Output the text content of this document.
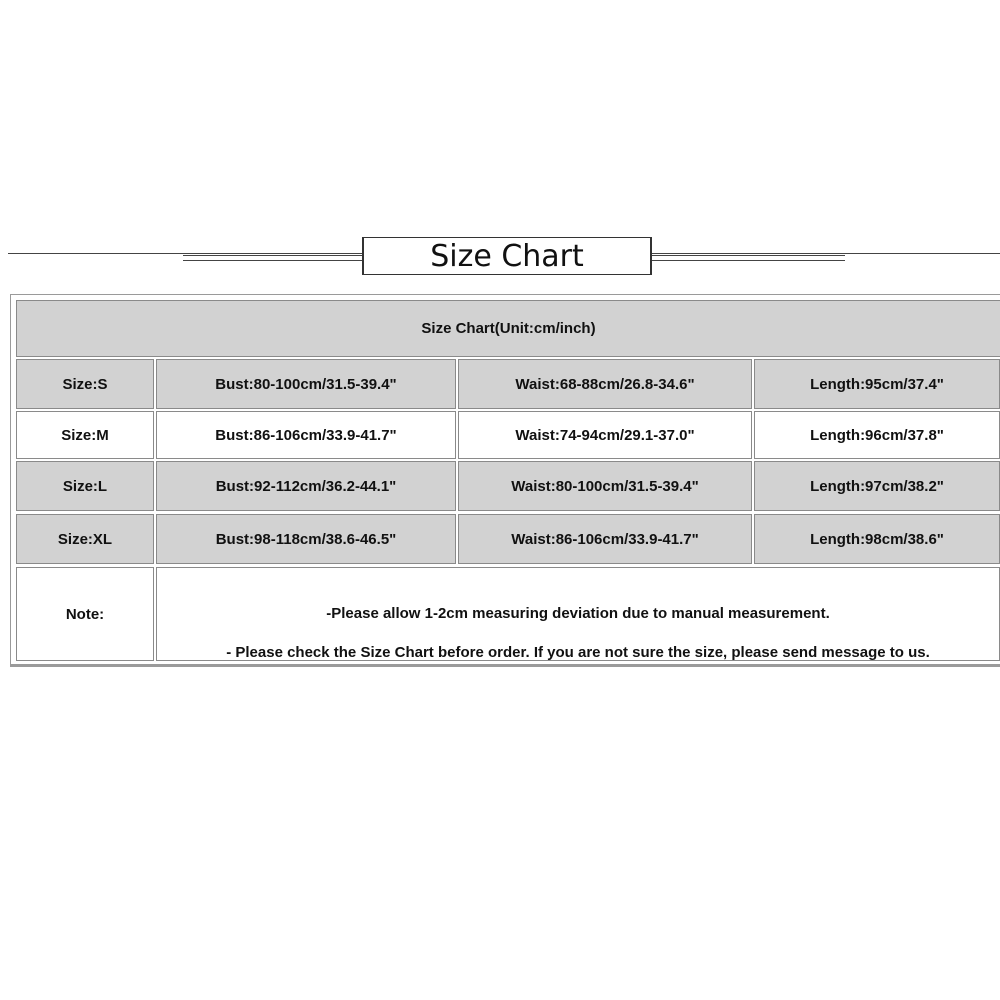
Size Chart
Size Chart(Unit:cm/inch)
Size:S	Bust:80-100cm/31.5-39.4"	Waist:68-88cm/26.8-34.6"	Length:95cm/37.4"
Size:M	Bust:86-106cm/33.9-41.7"	Waist:74-94cm/29.1-37.0"	Length:96cm/37.8"
Size:L	Bust:92-112cm/36.2-44.1"	Waist:80-100cm/31.5-39.4"	Length:97cm/38.2"
Size:XL	Bust:98-118cm/38.6-46.5"	Waist:86-106cm/33.9-41.7"	Length:98cm/38.6"
Note:	-Please allow 1-2cm measuring deviation due to manual measurement.
- Please check the Size Chart before order. If you are not sure the size, please send message to us.
